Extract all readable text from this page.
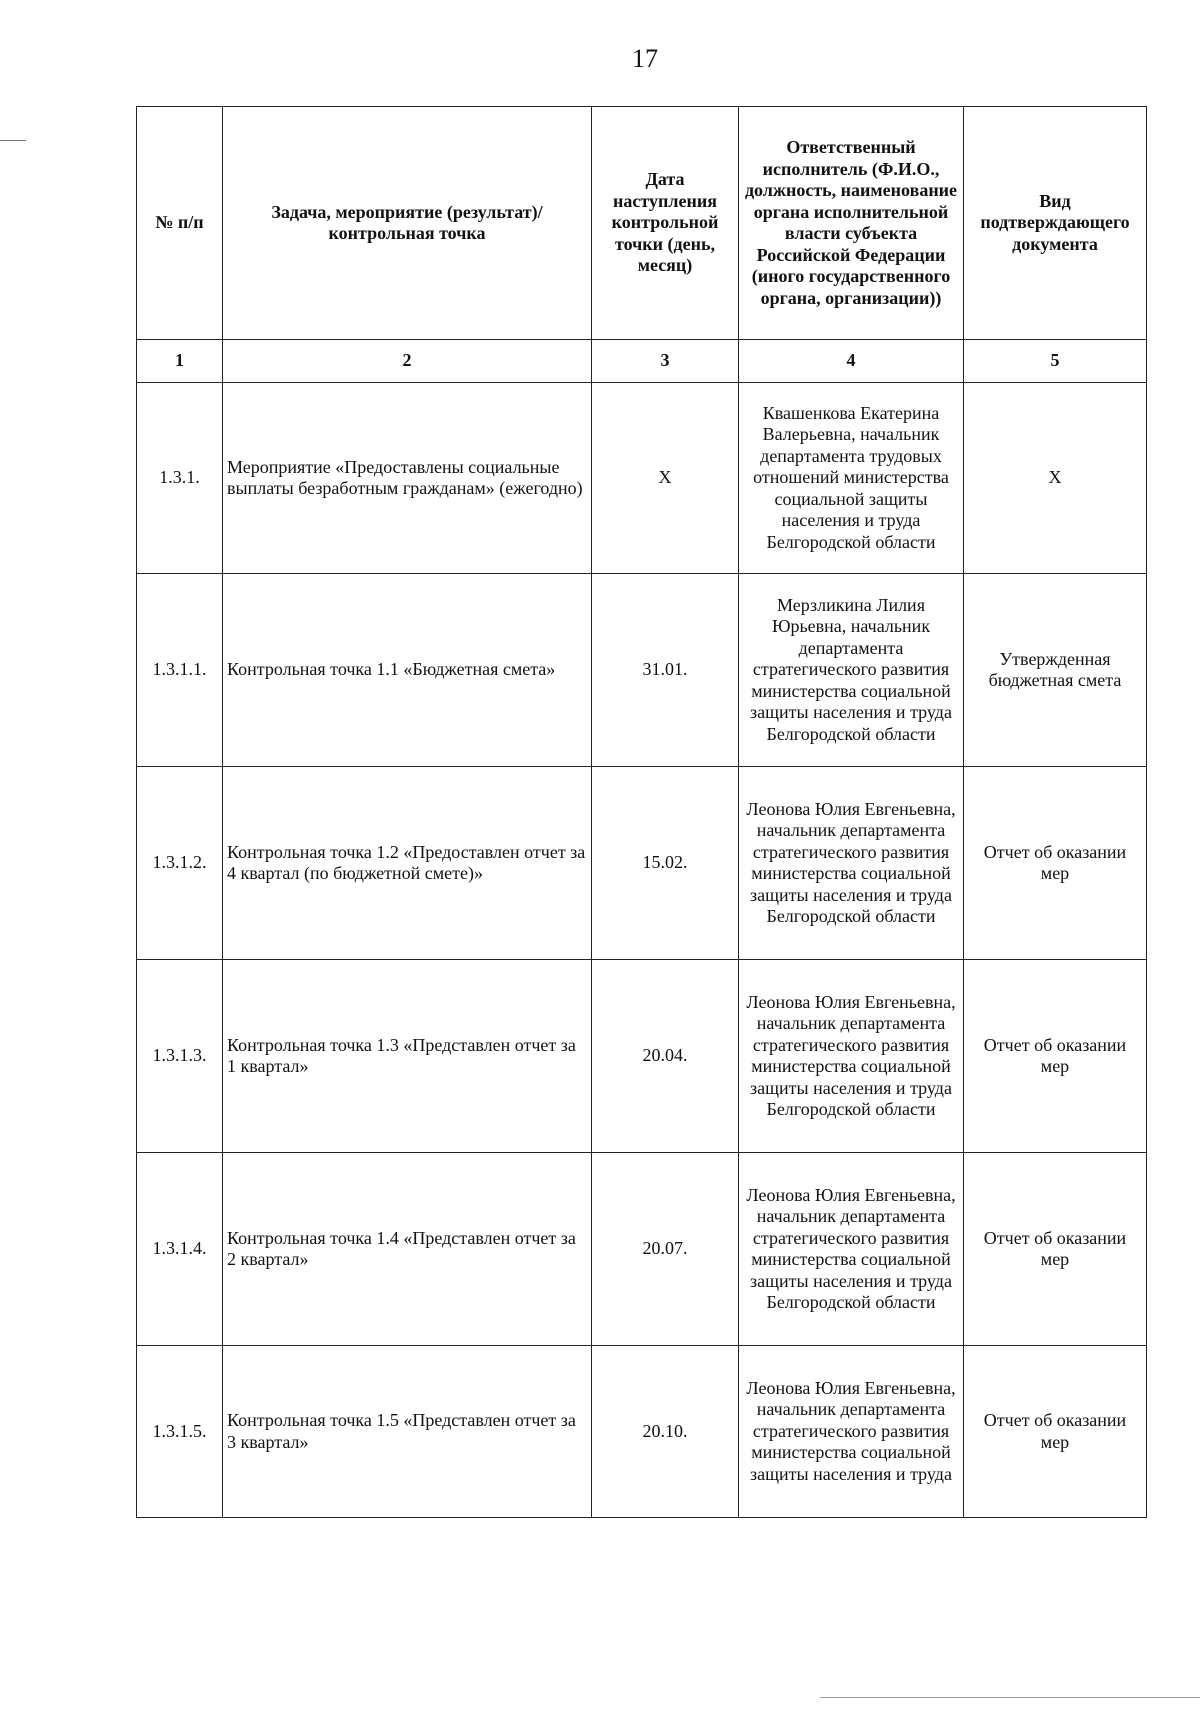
17
№ п/п	Задача, мероприятие (результат)/контрольная точка	Дата наступления контрольной точки (день, месяц)	Ответственный исполнитель (Ф.И.О., должность, наименование органа исполнительной власти субъекта Российской Федерации (иного государственного органа, организации))	Вид подтверждающего документа
1	2	3	4	5
1.3.1.	Мероприятие «Предоставлены социальные выплаты безработным гражданам» (ежегодно)	Х	Квашенкова Екатерина Валерьевна, начальник департамента трудовых отношений министерства социальной защиты населения и труда Белгородской области	Х
1.3.1.1.	Контрольная точка 1.1 «Бюджетная смета»	31.01.	Мерзликина Лилия Юрьевна, начальник департамента стратегического развития министерства социальной защиты населения и труда Белгородской области	Утвержденная бюджетная смета
1.3.1.2.	Контрольная точка 1.2 «Предоставлен отчет за 4 квартал (по бюджетной смете)»	15.02.	Леонова Юлия Евгеньевна, начальник департамента стратегического развития министерства социальной защиты населения и труда Белгородской области	Отчет об оказании мер
1.3.1.3.	Контрольная точка 1.3 «Представлен отчет за 1 квартал»	20.04.	Леонова Юлия Евгеньевна, начальник департамента стратегического развития министерства социальной защиты населения и труда Белгородской области	Отчет об оказании мер
1.3.1.4.	Контрольная точка 1.4 «Представлен отчет за 2 квартал»	20.07.	Леонова Юлия Евгеньевна, начальник департамента стратегического развития министерства социальной защиты населения и труда Белгородской области	Отчет об оказании мер
1.3.1.5.	Контрольная точка 1.5 «Представлен отчет за 3 квартал»	20.10.	Леонова Юлия Евгеньевна, начальник департамента стратегического развития министерства социальной защиты населения и труда	Отчет об оказании мер
